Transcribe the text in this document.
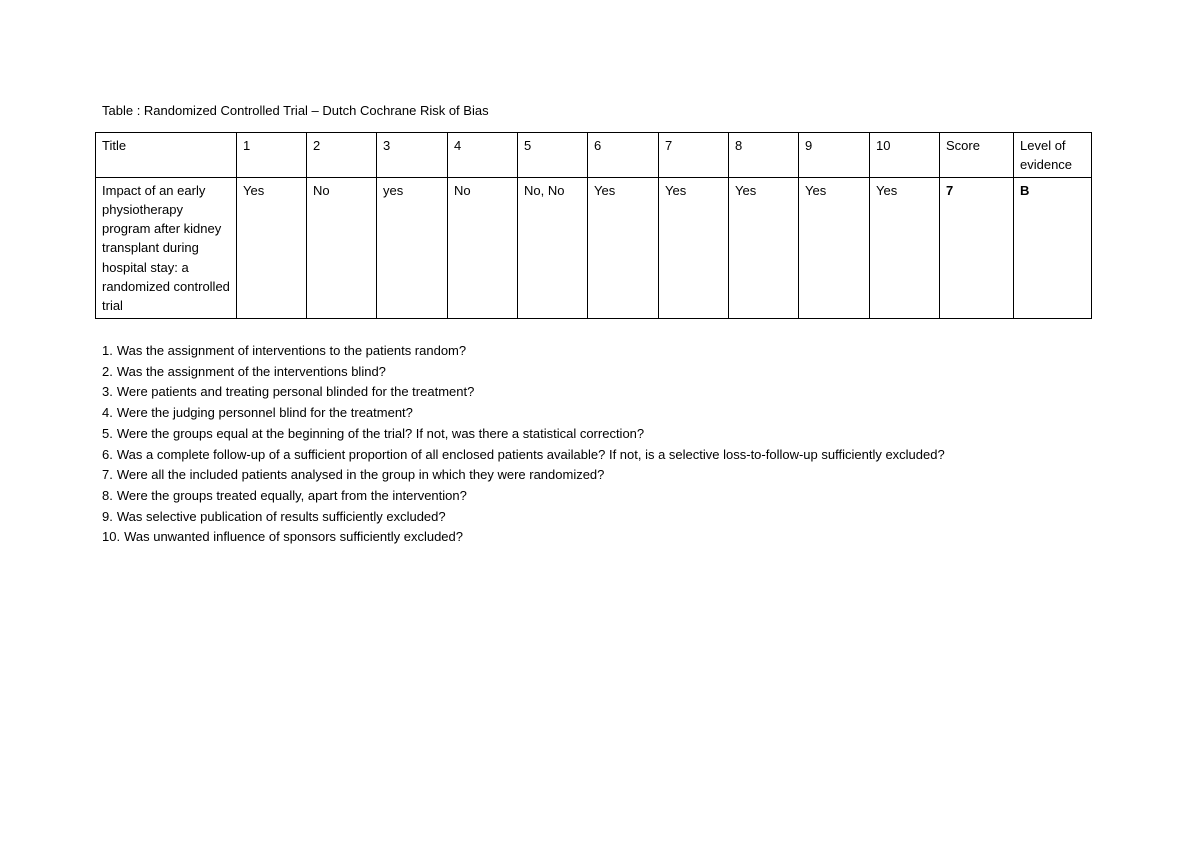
Table : Randomized Controlled Trial – Dutch Cochrane Risk of Bias
Title	1	2	3	4	5	6	7	8	9	10	Score	Level of evidence
Impact of an early physiotherapy program after kidney transplant during hospital stay: a randomized controlled trial	Yes	No	yes	No	No, No	Yes	Yes	Yes	Yes	Yes	7	B
1. Was the assignment of interventions to the patients random?
2. Was the assignment of the interventions blind?
3. Were patients and treating personal blinded for the treatment?
4. Were the judging personnel blind for the treatment?
5. Were the groups equal at the beginning of the trial? If not, was there a statistical correction?
6. Was a complete follow-up of a sufficient proportion of all enclosed patients available? If not, is a selective loss-to-follow-up sufficiently excluded?
7. Were all the included patients analysed in the group in which they were randomized?
8. Were the groups treated equally, apart from the intervention?
9. Was selective publication of results sufficiently excluded?
10. Was unwanted influence of sponsors sufficiently excluded?
